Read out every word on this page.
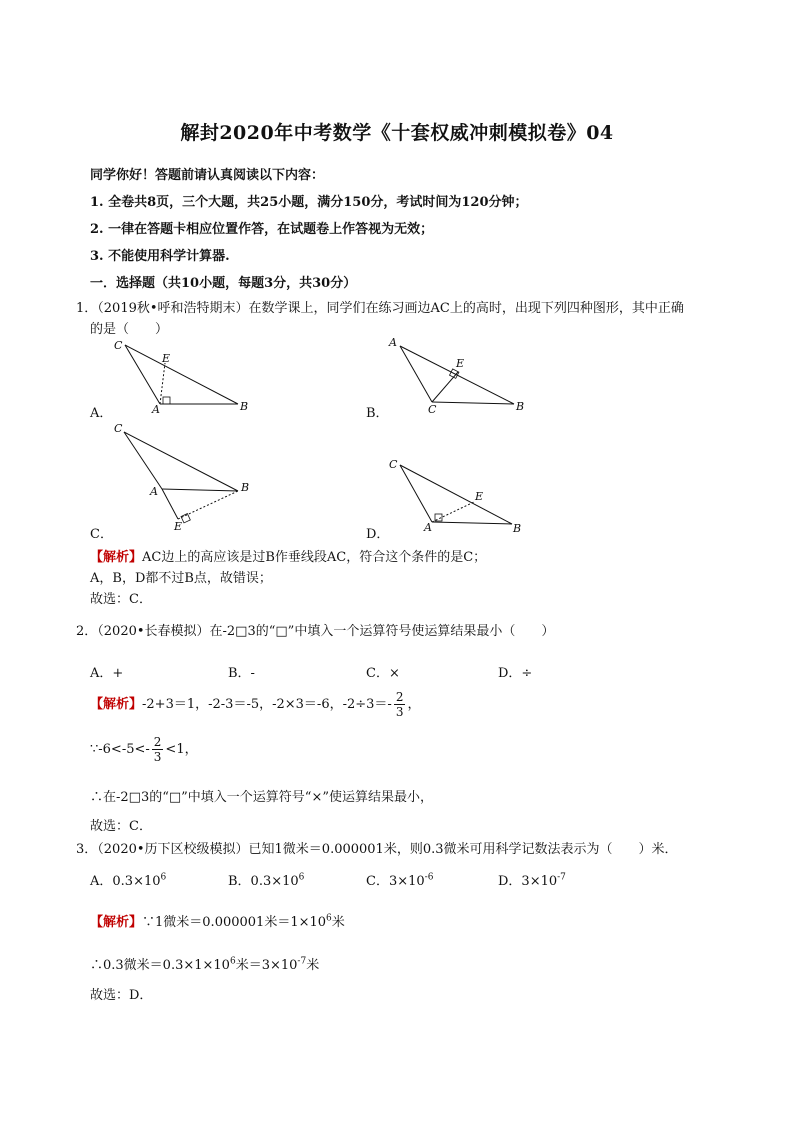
解封2020年中考数学《十套权威冲刺模拟卷》04
同学你好！答题前请认真阅读以下内容：
1. 全卷共8页，三个大题，共25小题，满分150分，考试时间为120分钟；
2. 一律在答题卡相应位置作答，在试题卷上作答视为无效；
3. 不能使用科学计算器.
一．选择题（共10小题，每题3分，共30分）
1．（2019秋•呼和浩特期末）在数学课上，同学们在练习画边AC上的高时，出现下列四种图形，其中正确
的是（　　）
A．	B．
C．	D．
C
E
A	B
A
E
C	B
C
A	B
E
C
E
A	B
【解析】AC边上的高应该是过B作垂线段AC，符合这个条件的是C；
A，B，D都不过B点，故错误；
故选：C．
2．（2020•长春模拟）在-2□3的“□”中填入一个运算符号使运算结果最小（　　）
A．+	B．-	C．×	D．÷
【解析】-2+3＝1，-2-3＝-5，-2×3＝-6，$-2\div 3=- \frac{2}{3}$ ，
∵-6<-5<- $\frac{2}{3} <1$，
∴在-2□3的“□”中填入一个运算符号“×”使运算结果最小，
故选：C．
3．（2020•历下区校级模拟）已知1微米＝0.000001米，则0.3微米可用科学记数法表示为（　　）米．
A．$0.3\times 10^6$	B．$0.3\times 10^6$	C．$3\times 10^{-6}$	D．$3\times 10^{-7}$
【解析】∵1微米＝0.000001米$=1\times 10^6$米
∴0.3微米$=0.3\times 1\times 10^6$米$=3\times 10^{-7}$米
故选：D．
